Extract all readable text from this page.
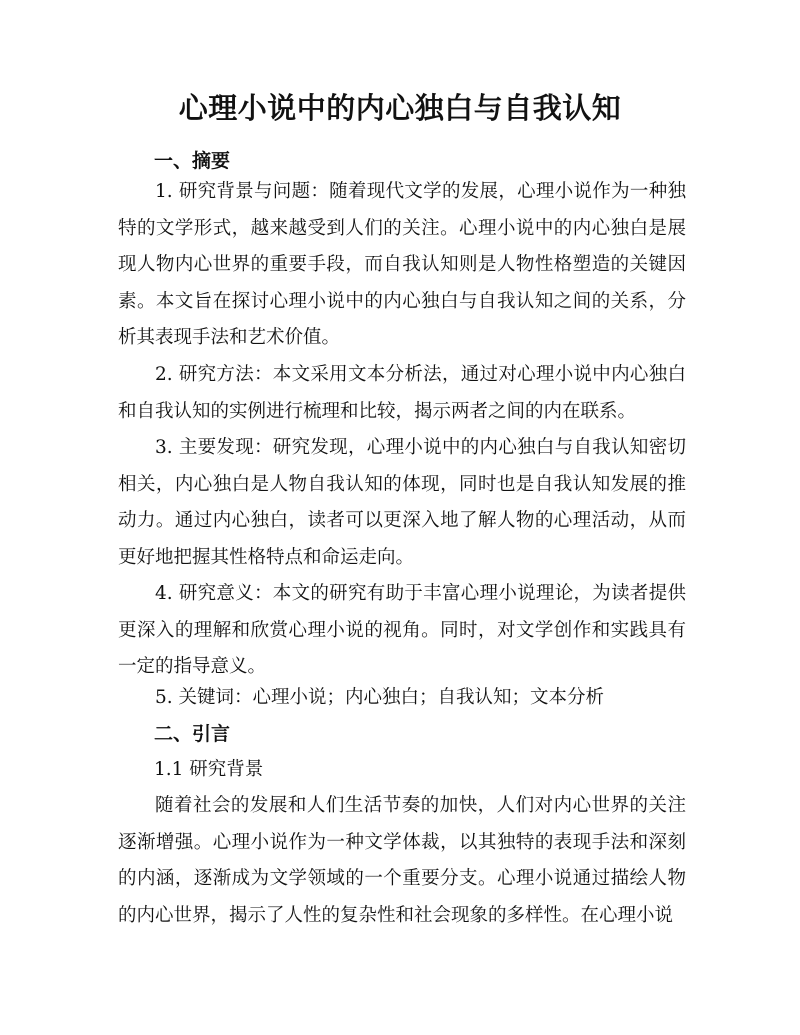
心理小说中的内心独白与自我认知
一、摘要

1. 研究背景与问题：随着现代文学的发展，心理小说作为一种独特的文学形式，越来越受到人们的关注。心理小说中的内心独白是展现人物内心世界的重要手段，而自我认知则是人物性格塑造的关键因素。本文旨在探讨心理小说中的内心独白与自我认知之间的关系，分析其表现手法和艺术价值。

2. 研究方法：本文采用文本分析法，通过对心理小说中内心独白和自我认知的实例进行梳理和比较，揭示两者之间的内在联系。

3. 主要发现：研究发现，心理小说中的内心独白与自我认知密切相关，内心独白是人物自我认知的体现，同时也是自我认知发展的推动力。通过内心独白，读者可以更深入地了解人物的心理活动，从而更好地把握其性格特点和命运走向。

4. 研究意义：本文的研究有助于丰富心理小说理论，为读者提供更深入的理解和欣赏心理小说的视角。同时，对文学创作和实践具有一定的指导意义。

5. 关键词：心理小说；内心独白；自我认知；文本分析

二、引言
1.1 研究背景

随着社会的发展和人们生活节奏的加快，人们对内心世界的关注逐渐增强。心理小说作为一种文学体裁，以其独特的表现手法和深刻的内涵，逐渐成为文学领域的一个重要分支。心理小说通过描绘人物的内心世界，揭示了人性的复杂性和社会现象的多样性。在心理小说
